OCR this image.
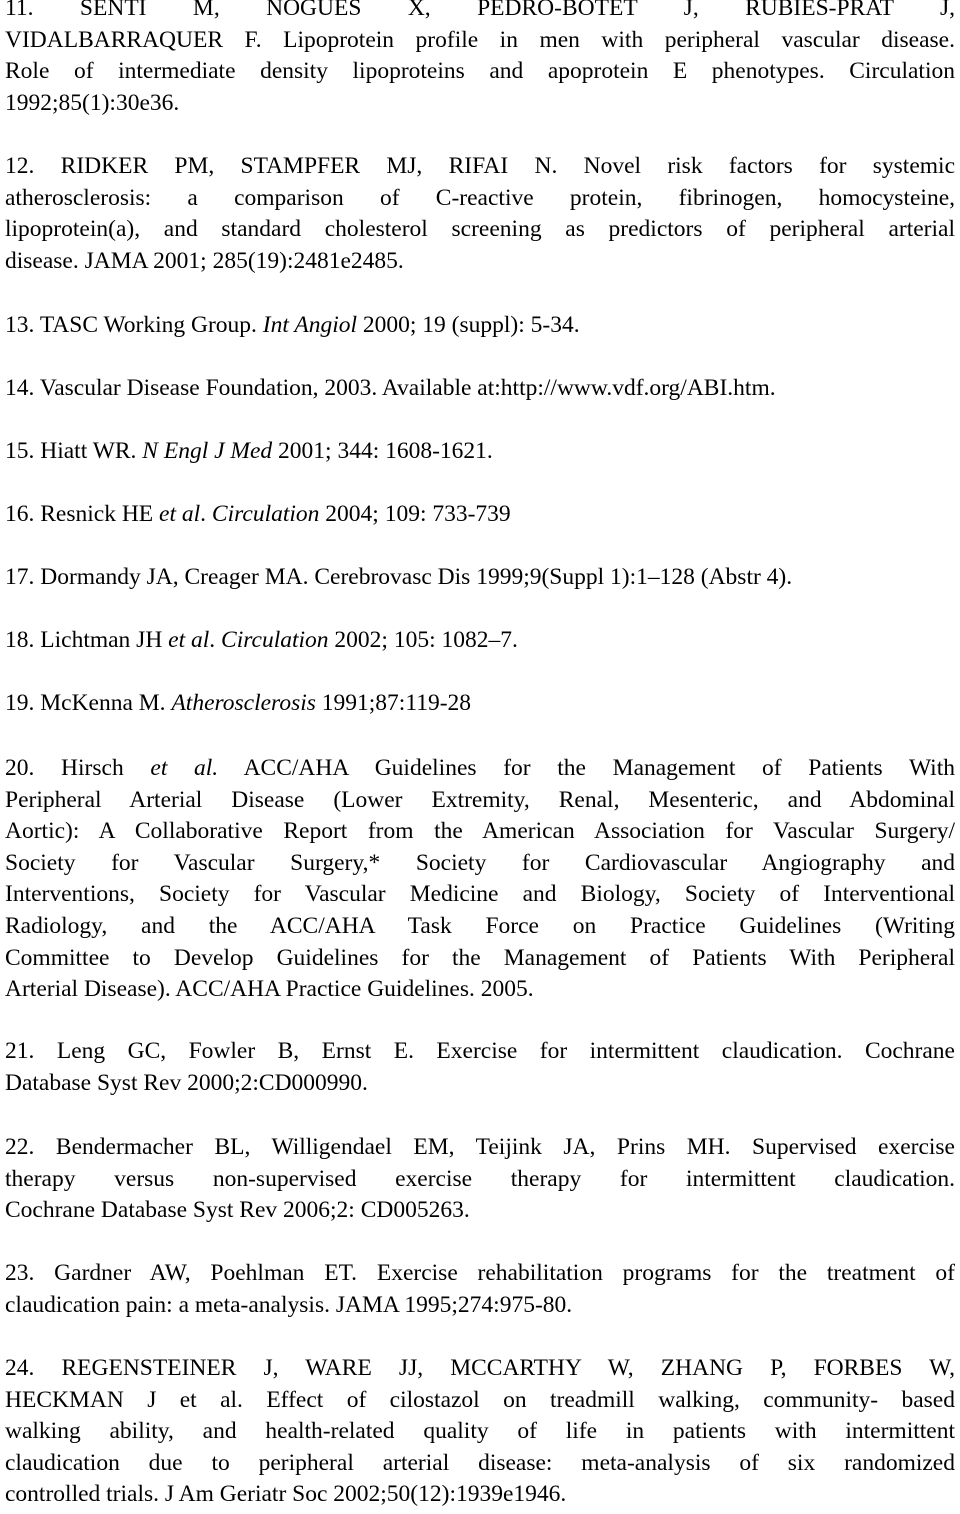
11. SENTI M, NOGUES X, PEDRO-BOTET J, RUBIES-PRAT J,
VIDALBARRAQUER F. Lipoprotein profile in men with peripheral vascular disease.
Role of intermediate density lipoproteins and apoprotein E phenotypes. Circulation
1992;85(1):30e36.
12. RIDKER PM, STAMPFER MJ, RIFAI N. Novel risk factors for systemic
atherosclerosis: a comparison of C-reactive protein, fibrinogen, homocysteine,
lipoprotein(a), and standard cholesterol screening as predictors of peripheral arterial
disease. JAMA 2001; 285(19):2481e2485.
13. TASC Working Group. Int Angiol 2000; 19 (suppl): 5-34.
14. Vascular Disease Foundation, 2003. Available at:http://www.vdf.org/ABI.htm.
15. Hiatt WR. N Engl J Med 2001; 344: 1608-1621.
16. Resnick HE et al. Circulation 2004; 109: 733-739
17. Dormandy JA, Creager MA. Cerebrovasc Dis 1999;9(Suppl 1):1–128 (Abstr 4).
18. Lichtman JH et al. Circulation 2002; 105: 1082–7.
19. McKenna M. Atherosclerosis 1991;87:119-28
20. Hirsch et al. ACC/AHA Guidelines for the Management of Patients With
Peripheral Arterial Disease (Lower Extremity, Renal, Mesenteric, and Abdominal
Aortic): A Collaborative Report from the American Association for Vascular Surgery/
Society for Vascular Surgery,* Society for Cardiovascular Angiography and
Interventions, Society for Vascular Medicine and Biology, Society of Interventional
Radiology, and the ACC/AHA Task Force on Practice Guidelines (Writing
Committee to Develop Guidelines for the Management of Patients With Peripheral
Arterial Disease). ACC/AHA Practice Guidelines. 2005.
21. Leng GC, Fowler B, Ernst E. Exercise for intermittent claudication. Cochrane
Database Syst Rev 2000;2:CD000990.
22. Bendermacher BL, Willigendael EM, Teijink JA, Prins MH. Supervised exercise
therapy versus non-supervised exercise therapy for intermittent claudication.
Cochrane Database Syst Rev 2006;2: CD005263.
23. Gardner AW, Poehlman ET. Exercise rehabilitation programs for the treatment of
claudication pain: a meta-analysis. JAMA 1995;274:975-80.
24. REGENSTEINER J, WARE JJ, MCCARTHY W, ZHANG P, FORBES W,
HECKMAN J et al. Effect of cilostazol on treadmill walking, community- based
walking ability, and health-related quality of life in patients with intermittent
claudication due to peripheral arterial disease: meta-analysis of six randomized
controlled trials. J Am Geriatr Soc 2002;50(12):1939e1946.
